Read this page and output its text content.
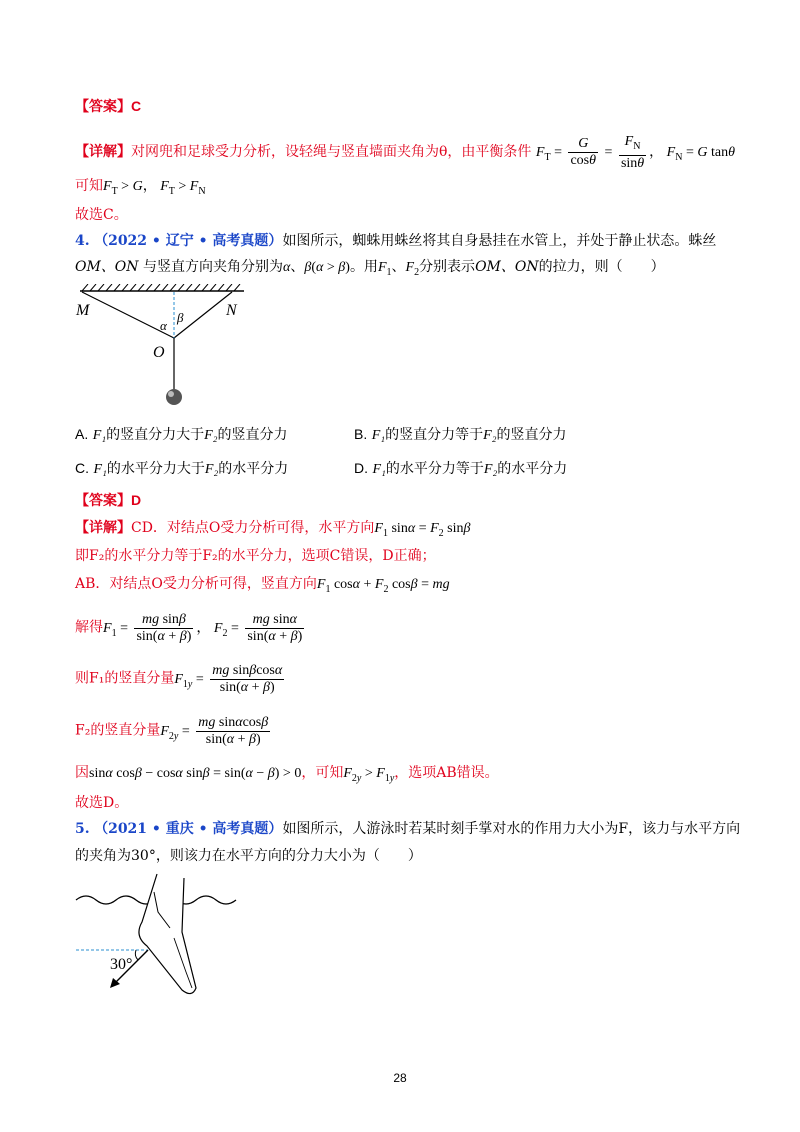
【答案】C
【详解】对网兜和足球受力分析，设轻绳与竖直墙面夹角为θ，由平衡条件 $F_T = \frac{G}{\cos\theta} = \frac{F_N}{\sin\theta}$ ， $F_N = G$ tanθ
可知$F_T > G$， $F_T > F_N$
故选C。
4. （2022 • 辽宁 • 高考真题）如图所示，蜘蛛用蛛丝将其自身悬挂在水管上，并处于静止状态。蛛丝
OM、ON 与竖直方向夹角分别为α、β(α > β)。用$F_1$、$F_2$分别表示OM、ON的拉力，则（　　）
M	N
O
α
β
A. F₁的竖直分力大于F₂的竖直分力	B. F₁的竖直分力等于F₂的竖直分力
C. F₁的水平分力大于F₂的水平分力	D. F₁的水平分力等于F₂的水平分力
【答案】D
【详解】CD．对结点O受力分析可得，水平方向$F_1$ $\sin\alpha = F_2$ sinβ
即F₂的水平分力等于F₂的水平分力，选项C错误，D正确；
AB．对结点O受力分析可得，竖直方向$F_1$ $\cos\alpha + F_2$ cosβ = mg
解得$F_1 = \frac{\text{mg sinβ}}{\sin(\alpha + \beta)}$ ， $F_2 = \frac{\text{mg sinα}}{\sin(\alpha + \beta)}$
则F₁的竖直分量$F_{1y} = \frac{\text{mg sinβcosα}}{\sin(\alpha + \beta)}$
F₂的竖直分量$F_{2y} = \frac{\text{mg sinαcosβ}}{\sin(\alpha + \beta)}$
因sinα cosβ − cosα sinβ = sin(α − β) > 0，可知$F_{2y} > F_{1y}$，选项AB错误。
故选D。
5. （2021 • 重庆 • 高考真题）如图所示，人游泳时若某时刻手掌对水的作用力大小为F，该力与水平方向
的夹角为30°，则该力在水平方向的分力大小为（　　）
30°
28
